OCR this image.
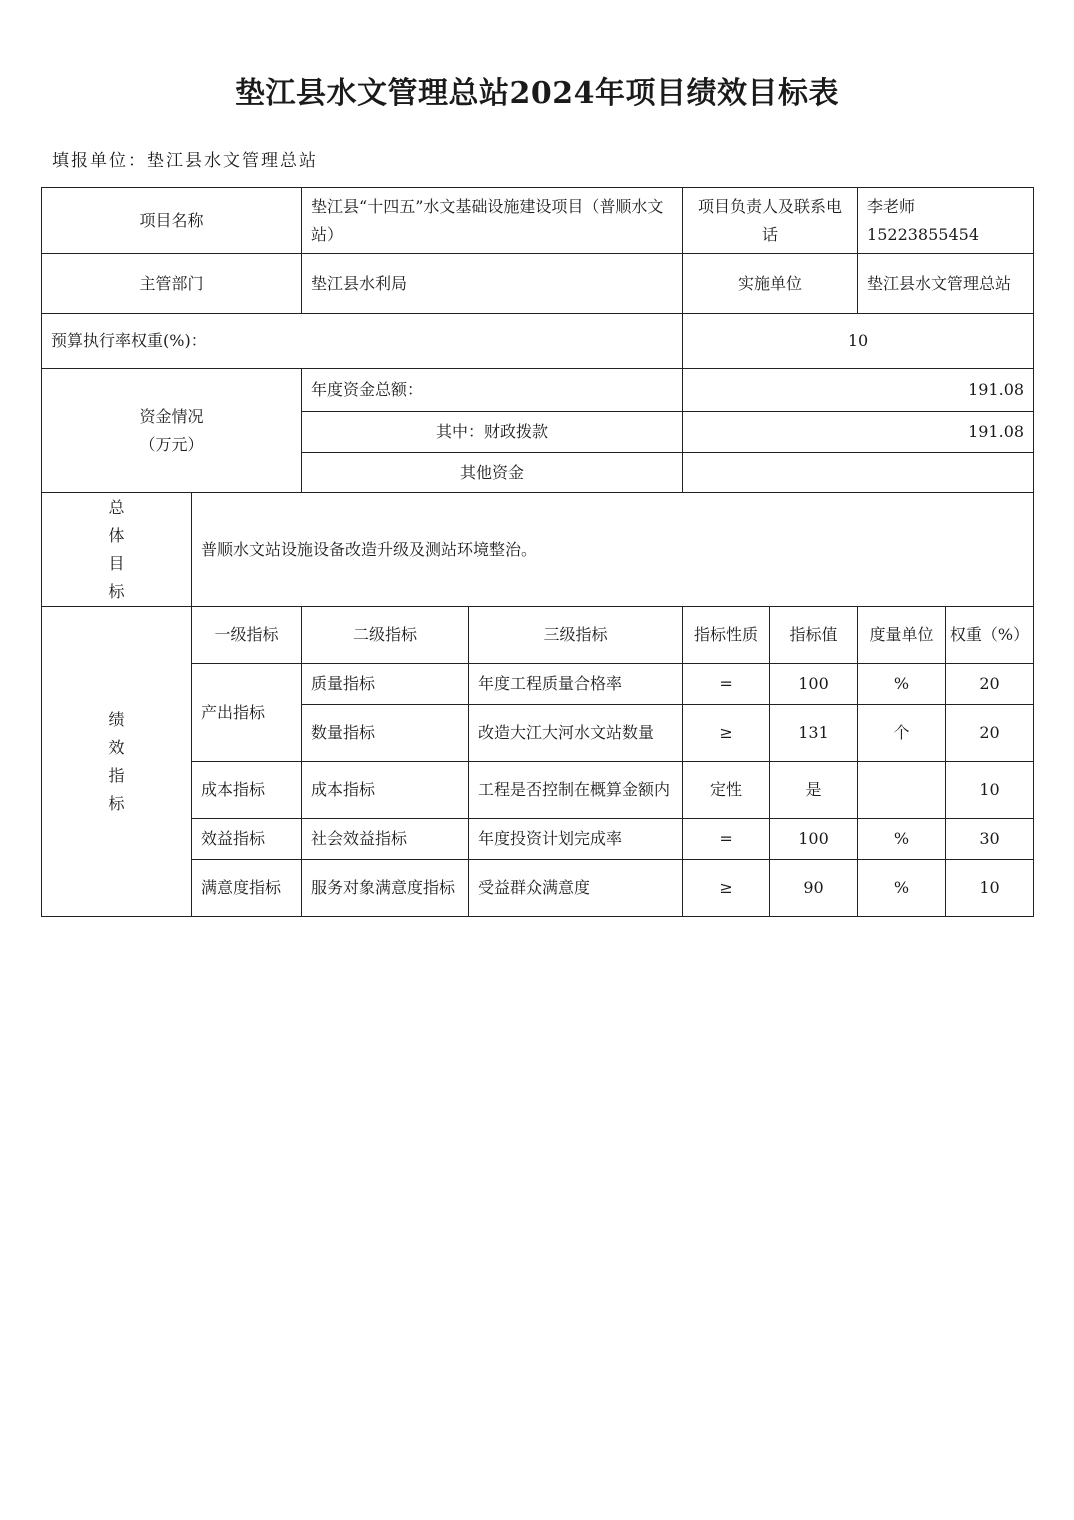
垫江县水文管理总站2024年项目绩效目标表
填报单位：垫江县水文管理总站
项目名称		垫江县“十四五”水文基础设施建设项目（普顺水文站）		项目负责人及联系电话		李老师
15223855454	

主管部门		垫江县水利局		实施单位		垫江县水文管理总站	
预算执行率权重(%)：				10			

资金情况
（万元）		年度资金总额：		191.08			
		其中：财政拨款		191.08			
		其他资金					

总
体
目
标	普顺水文站设施设备改造升级及测站环境整治。						

绩
效
指
标	一级指标	二级指标	三级指标	指标性质	指标值	度量单位	权重（%）
	产出指标	质量指标	年度工程质量合格率	=	100	%	20
		数量指标	改造大江大河水文站数量	≥	131	个	20
	成本指标	成本指标	工程是否控制在概算金额内	定性	是		10
	效益指标	社会效益指标	年度投资计划完成率	=	100	%	30
	满意度指标	服务对象满意度指标	受益群众满意度	≥	90	%	10
